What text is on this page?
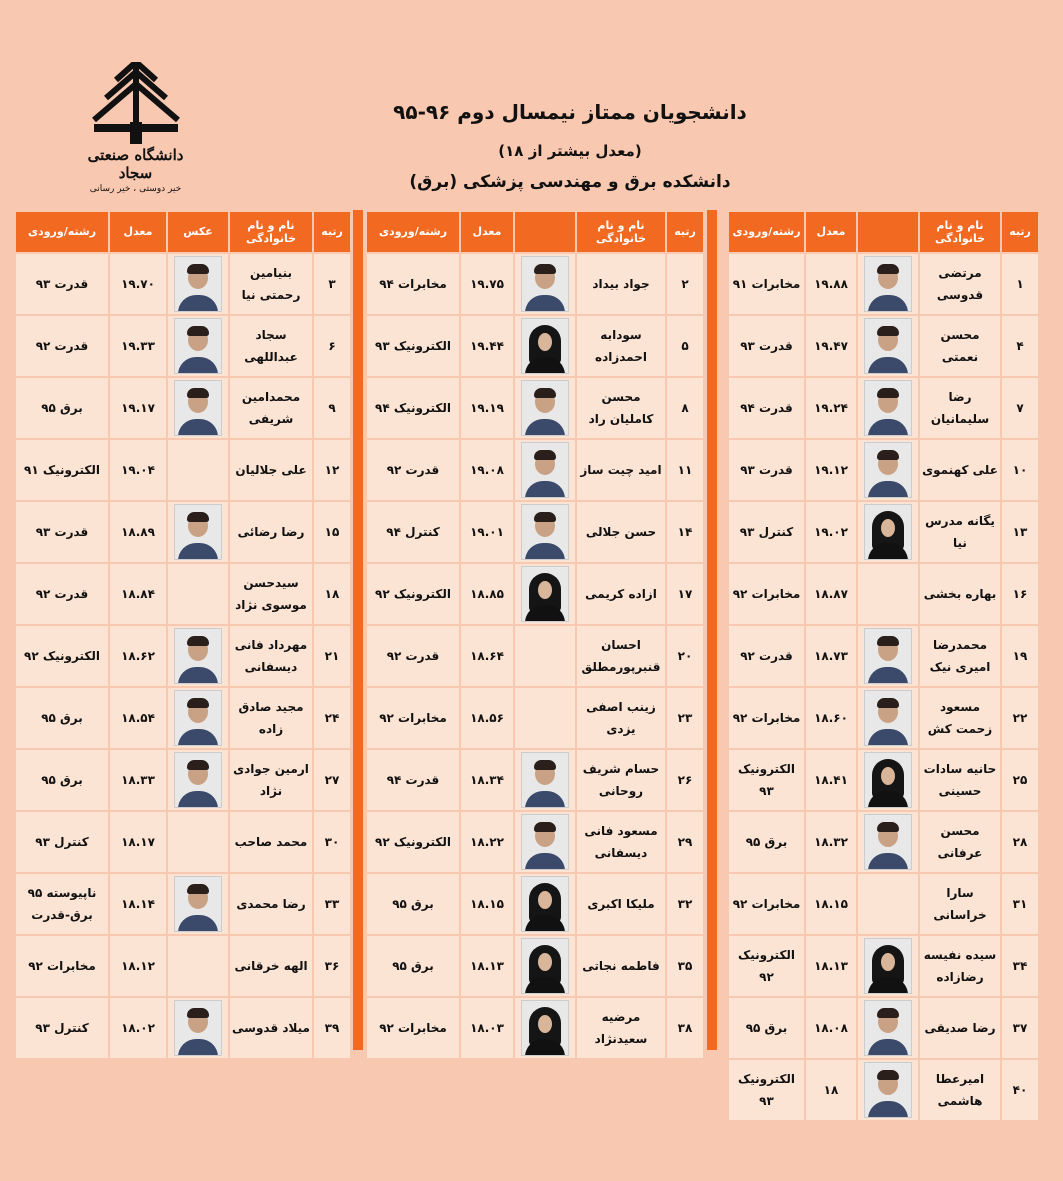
دانشگاه صنعتی سجاد
خیر دوستی ، خیر رسانی
دانشجویان ممتاز نیمسال دوم ۹۶-۹۵
(معدل بیشتر از ۱۸)
دانشکده برق و مهندسی پزشکی (برق)
رتبه	نام و نام خانوادگی		معدل	رشته/ورودی
۱	مرتضی قدوسی		۱۹.۸۸	مخابرات ۹۱
۴	محسن نعمتی		۱۹.۴۷	قدرت ۹۳
۷	رضا سلیمانیان		۱۹.۲۴	قدرت ۹۴
۱۰	علی کهنموی		۱۹.۱۲	قدرت ۹۳
۱۳	یگانه مدرس نیا		۱۹.۰۲	کنترل ۹۳
۱۶	بهاره بخشی		۱۸.۸۷	مخابرات ۹۲
۱۹	محمدرضا امیری نیک		۱۸.۷۳	قدرت ۹۲
۲۲	مسعود زحمت کش		۱۸.۶۰	مخابرات ۹۲
۲۵	حانیه سادات حسینی		۱۸.۴۱	الکترونیک ۹۳
۲۸	محسن عرفانی		۱۸.۳۲	برق ۹۵
۳۱	سارا خراسانی		۱۸.۱۵	مخابرات ۹۲
۳۴	سیده نفیسه رضازاده		۱۸.۱۳	الکترونیک ۹۲
۳۷	رضا صدیقی		۱۸.۰۸	برق ۹۵
۴۰	امیرعطا هاشمی		۱۸	الکترونیک ۹۳
رتبه	نام و نام خانوادگی		معدل	رشته/ورودی
۲	جواد بیداد		۱۹.۷۵	مخابرات ۹۴
۵	سودابه احمدزاده		۱۹.۴۴	الکترونیک ۹۳
۸	محسن کاملیان راد		۱۹.۱۹	الکترونیک ۹۴
۱۱	امید چیت ساز		۱۹.۰۸	قدرت ۹۲
۱۴	حسن جلالی		۱۹.۰۱	کنترل ۹۴
۱۷	ازاده کریمی		۱۸.۸۵	الکترونیک ۹۲
۲۰	احسان قنبرپورمطلق		۱۸.۶۴	قدرت ۹۲
۲۳	زینب اصفی یزدی		۱۸.۵۶	مخابرات ۹۲
۲۶	حسام شریف روحانی		۱۸.۳۴	قدرت ۹۴
۲۹	مسعود فانی دیسفانی		۱۸.۲۲	الکترونیک ۹۲
۳۲	ملیکا اکبری		۱۸.۱۵	برق ۹۵
۳۵	فاطمه نجاتی		۱۸.۱۳	برق ۹۵
۳۸	مرضیه سعیدنژاد		۱۸.۰۳	مخابرات ۹۲
رتبه	نام و نام خانوادگی	عکس	معدل	رشته/ورودی
۳	بنیامین رحمتی نیا		۱۹.۷۰	قدرت ۹۳
۶	سجاد عبداللهی		۱۹.۳۳	قدرت ۹۲
۹	محمدامین شریفی		۱۹.۱۷	برق ۹۵
۱۲	علی جلالیان		۱۹.۰۴	الکترونیک ۹۱
۱۵	رضا رضائی		۱۸.۸۹	قدرت ۹۳
۱۸	سیدحسن موسوی نژاد		۱۸.۸۴	قدرت ۹۲
۲۱	مهرداد فانی دیسفانی		۱۸.۶۲	الکترونیک ۹۲
۲۴	مجید صادق زاده		۱۸.۵۴	برق ۹۵
۲۷	ارمین جوادی نژاد		۱۸.۳۳	برق ۹۵
۳۰	محمد صاحب		۱۸.۱۷	کنترل ۹۳
۳۳	رضا محمدی		۱۸.۱۴	ناپیوسته ۹۵ برق-قدرت
۳۶	الهه خرقانی		۱۸.۱۲	مخابرات ۹۲
۳۹	میلاد قدوسی		۱۸.۰۲	کنترل ۹۳
